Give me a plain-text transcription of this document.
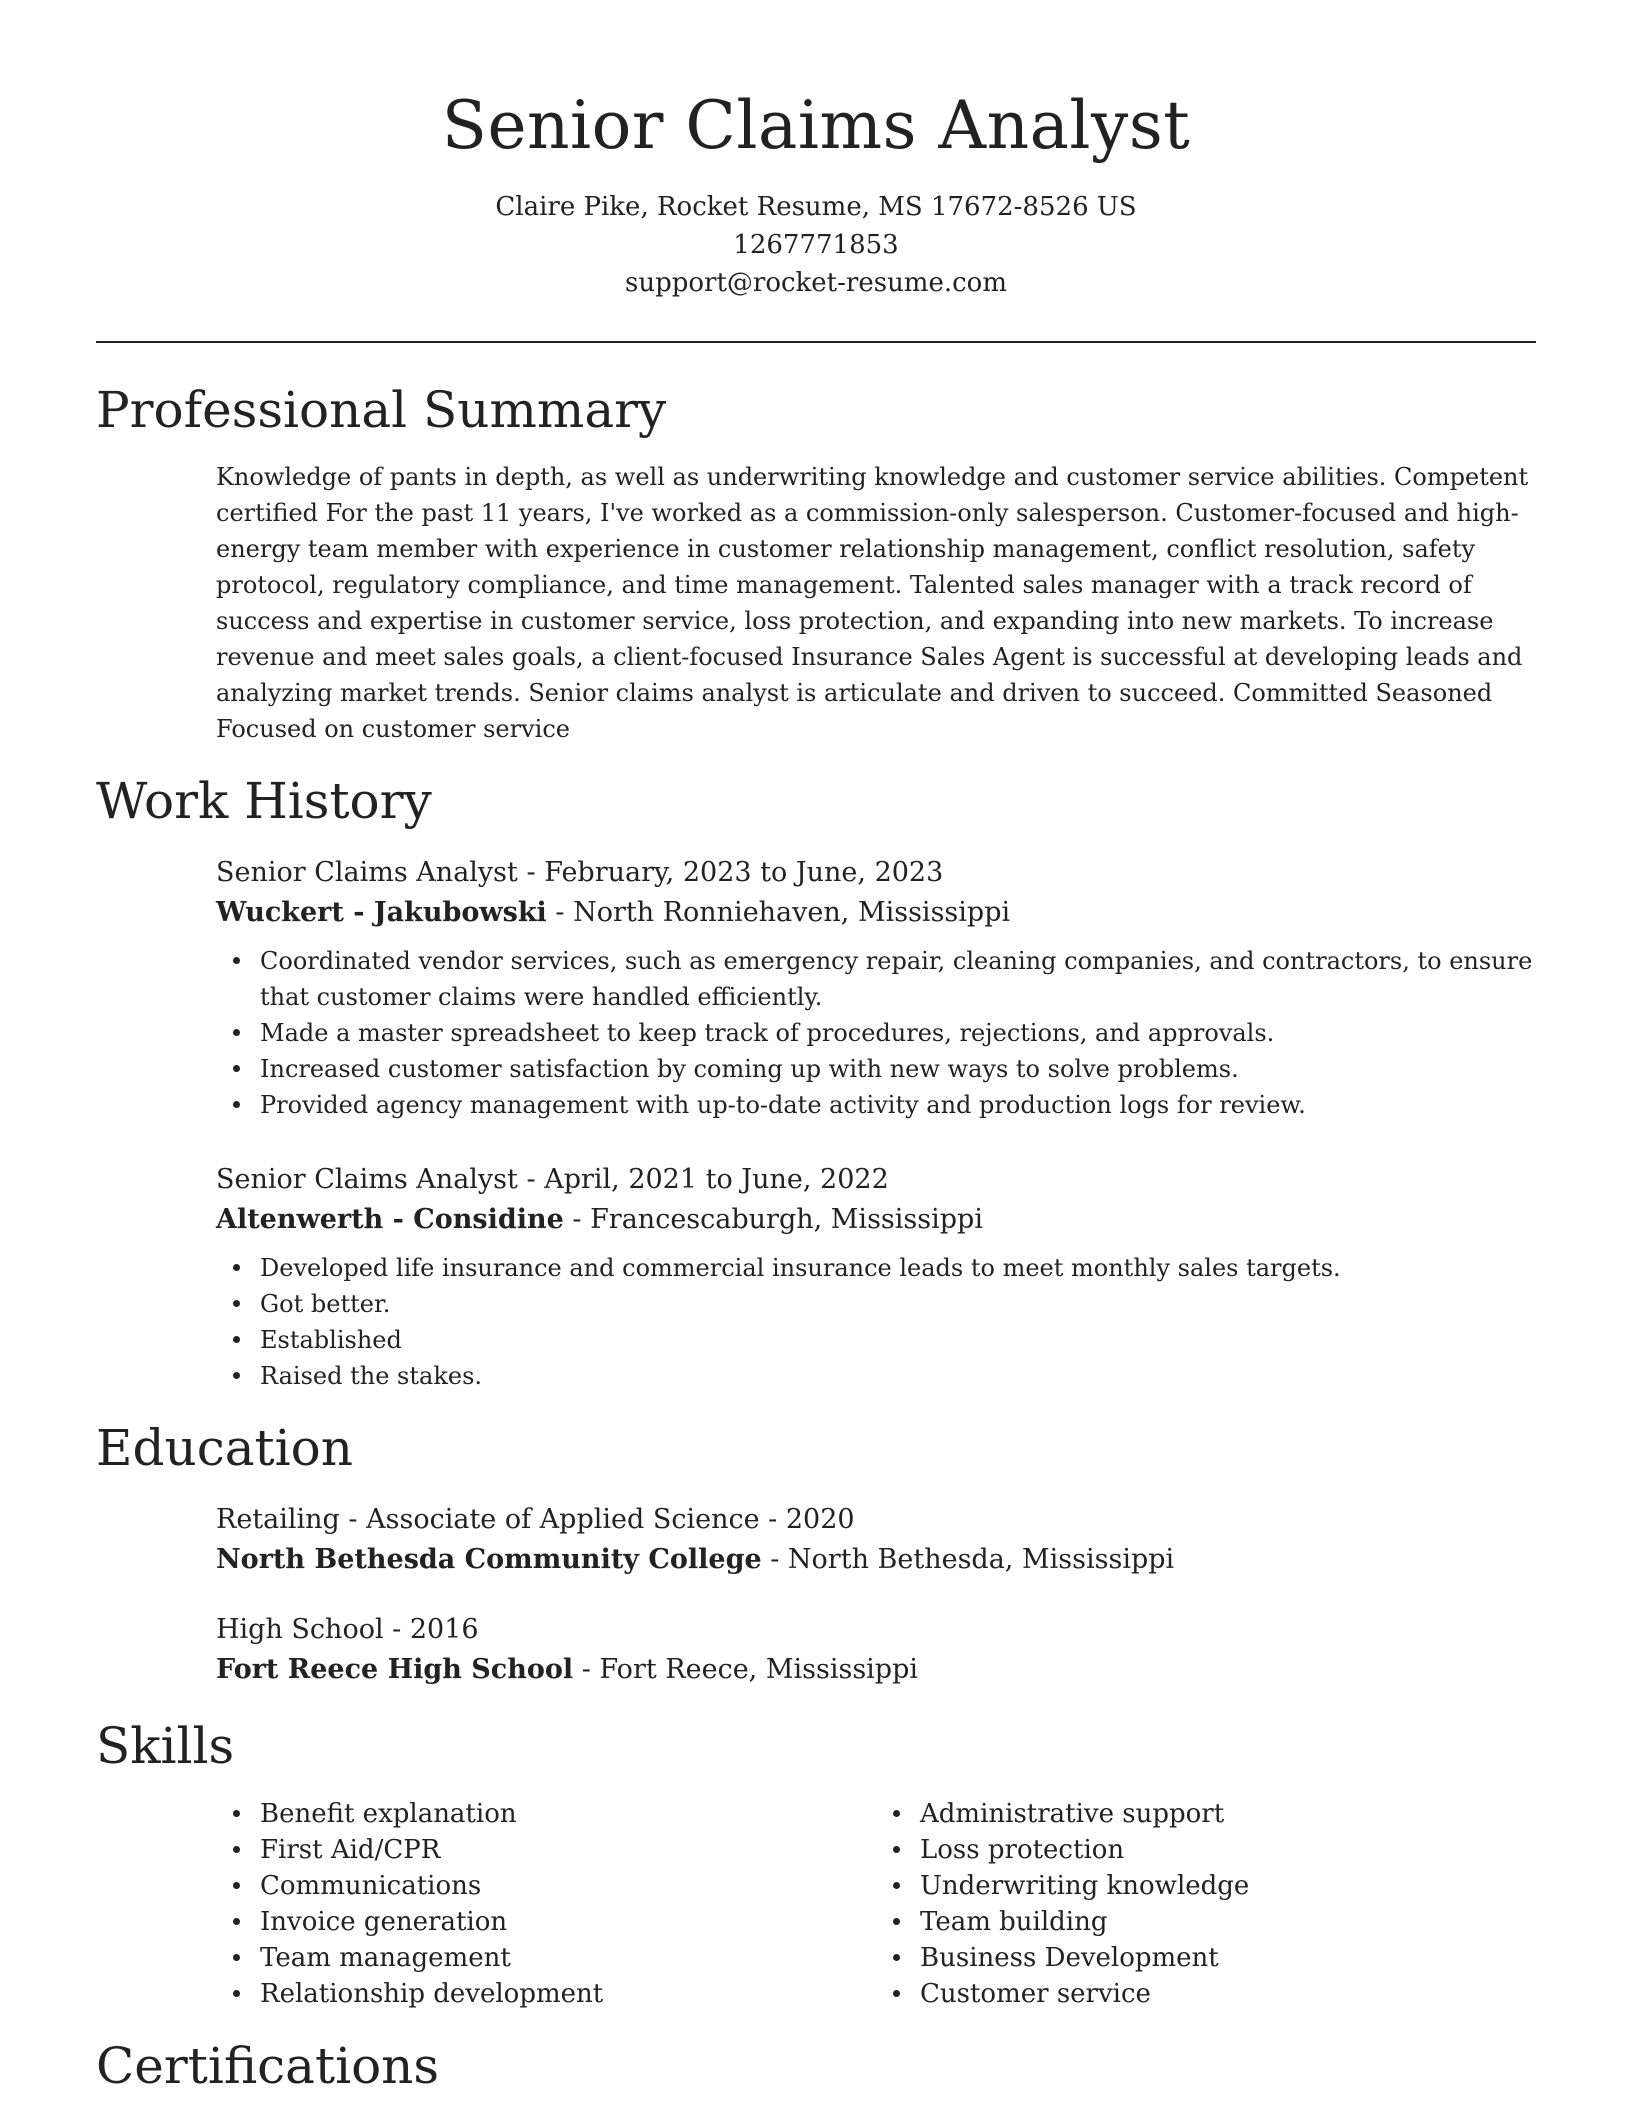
Senior Claims Analyst
Claire Pike, Rocket Resume, MS 17672-8526 US
1267771853
support@rocket-resume.com
Professional Summary

Knowledge of pants in depth, as well as underwriting knowledge and customer service abilities. Competent certified For the past 11 years, I've worked as a commission-only salesperson. Customer-focused and high-energy team member with experience in customer relationship management, conflict resolution, safety protocol, regulatory compliance, and time management. Talented sales manager with a track record of success and expertise in customer service, loss protection, and expanding into new markets. To increase revenue and meet sales goals, a client-focused Insurance Sales Agent is successful at developing leads and analyzing market trends. Senior claims analyst is articulate and driven to succeed. Committed Seasoned Focused on customer service

Work History
Senior Claims Analyst - February, 2023 to June, 2023
Wuckert - Jakubowski - North Ronniehaven, Mississippi
Coordinated vendor services, such as emergency repair, cleaning companies, and contractors, to ensure that customer claims were handled efficiently.
Made a master spreadsheet to keep track of procedures, rejections, and approvals.
Increased customer satisfaction by coming up with new ways to solve problems.
Provided agency management with up-to-date activity and production logs for review.
Senior Claims Analyst - April, 2021 to June, 2022
Altenwerth - Considine - Francescaburgh, Mississippi
Developed life insurance and commercial insurance leads to meet monthly sales targets.
Got better.
Established
Raised the stakes.
Education
Retailing - Associate of Applied Science - 2020
North Bethesda Community College - North Bethesda, Mississippi
High School - 2016
Fort Reece High School - Fort Reece, Mississippi
Skills
Benefit explanation
First Aid/CPR
Communications
Invoice generation
Team management
Relationship development
Administrative support
Loss protection
Underwriting knowledge
Team building
Business Development
Customer service
Certifications
